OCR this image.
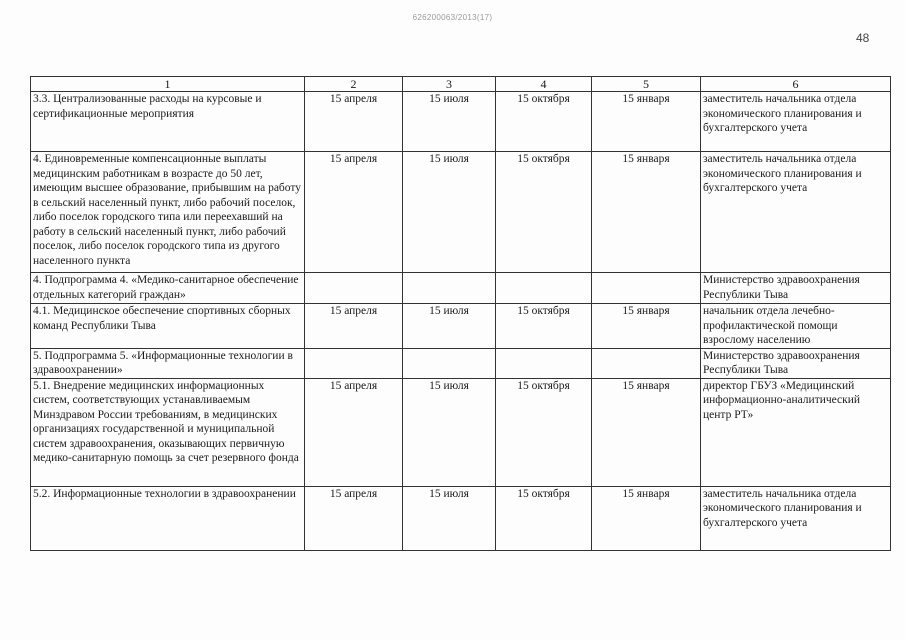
626200063/2013(17)
48
1	2	3	4	5	6
3.3. Централизованные расходы на курсовые и сертификационные мероприятия	15 апреля	15 июля	15 октября	15 января	заместитель начальника отдела экономического планирования и бухгалтерского учета
4. Единовременные компенсационные выплаты медицинским работникам в возрасте до 50 лет, имеющим высшее образование, прибывшим на работу в сельский населенный пункт, либо рабочий поселок, либо поселок городского типа или переехавший на работу в сельский населенный пункт, либо рабочий поселок, либо поселок городского типа из другого населенного пункта	15 апреля	15 июля	15 октября	15 января	заместитель начальника отдела экономического планирования и бухгалтерского учета
4. Подпрограмма 4. «Медико-санитарное обеспечение отдельных категорий граждан»					Министерство здравоохранения Республики Тыва
4.1. Медицинское обеспечение спортивных сборных команд Республики Тыва	15 апреля	15 июля	15 октября	15 января	начальник отдела лечебно-профилактической помощи взрослому населению
5. Подпрограмма 5. «Информационные технологии в здравоохранении»					Министерство здравоохранения Республики Тыва
5.1. Внедрение медицинских информационных систем, соответствующих устанавливаемым Минздравом России требованиям, в медицинских организациях государственной и муниципальной систем здравоохранения, оказывающих первичную медико-санитарную помощь за счет резервного фонда	15 апреля	15 июля	15 октября	15 января	директор ГБУЗ «Медицинский информационно-аналитический центр РТ»
5.2. Информационные технологии в здравоохранении	15 апреля	15 июля	15 октября	15 января	заместитель начальника отдела экономического планирования и бухгалтерского учета
